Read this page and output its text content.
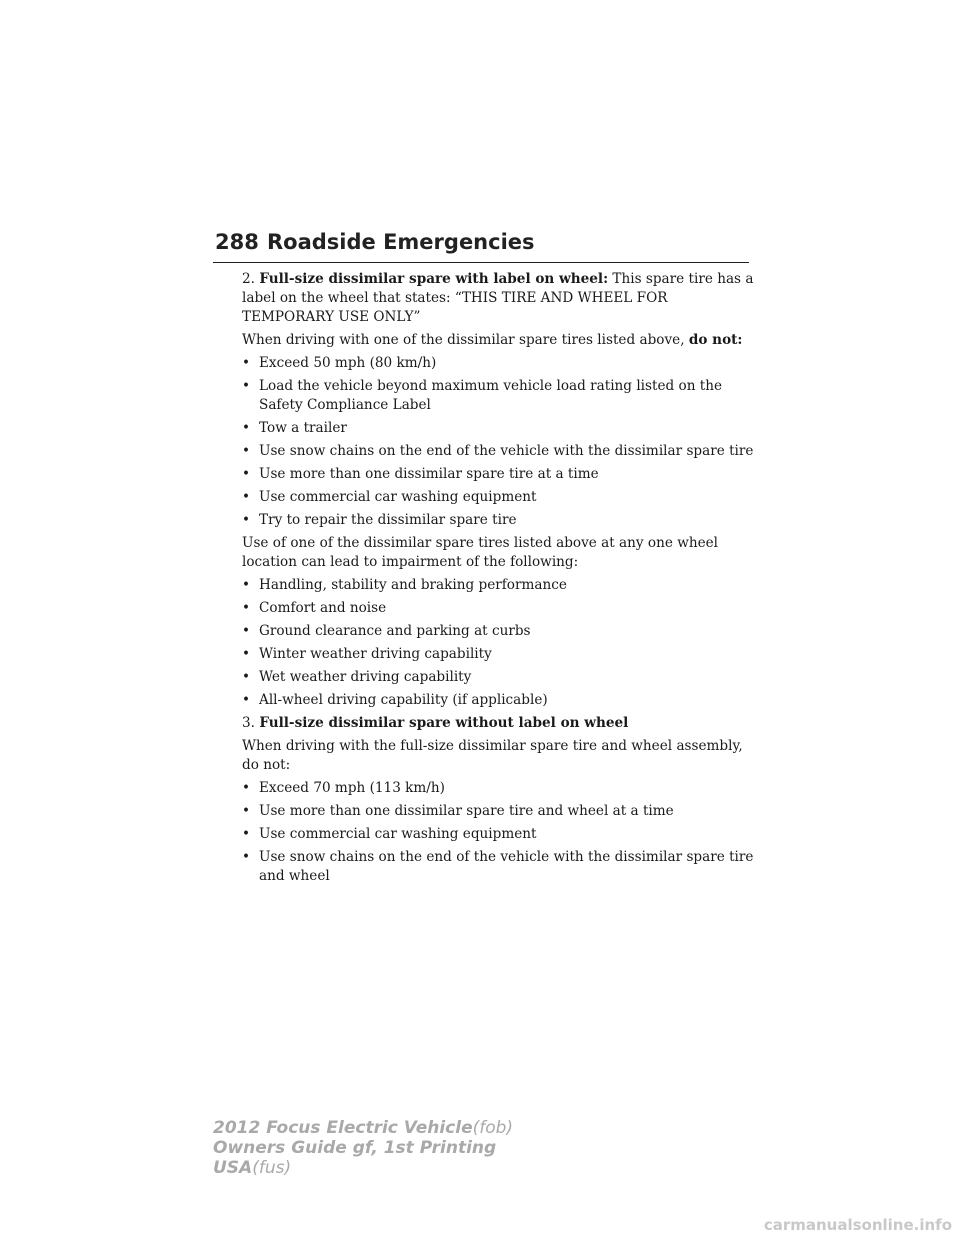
288 Roadside Emergencies

2. Full-size dissimilar spare with label on wheel: This spare tire has a label on the wheel that states: “THIS TIRE AND WHEEL FOR TEMPORARY USE ONLY”

When driving with one of the dissimilar spare tires listed above, do not:

• Exceed 50 mph (80 km/h)
• Load the vehicle beyond maximum vehicle load rating listed on the Safety Compliance Label
• Tow a trailer
• Use snow chains on the end of the vehicle with the dissimilar spare tire
• Use more than one dissimilar spare tire at a time
• Use commercial car washing equipment
• Try to repair the dissimilar spare tire

Use of one of the dissimilar spare tires listed above at any one wheel location can lead to impairment of the following:

• Handling, stability and braking performance
• Comfort and noise
• Ground clearance and parking at curbs
• Winter weather driving capability
• Wet weather driving capability
• All-wheel driving capability (if applicable)

3. Full-size dissimilar spare without label on wheel

When driving with the full-size dissimilar spare tire and wheel assembly, do not:

• Exceed 70 mph (113 km/h)
• Use more than one dissimilar spare tire and wheel at a time
• Use commercial car washing equipment
• Use snow chains on the end of the vehicle with the dissimilar spare tire and wheel
2012 Focus Electric Vehicle(fob)
Owners Guide gf, 1st Printing
USA(fus)
carmanualsonline.info
